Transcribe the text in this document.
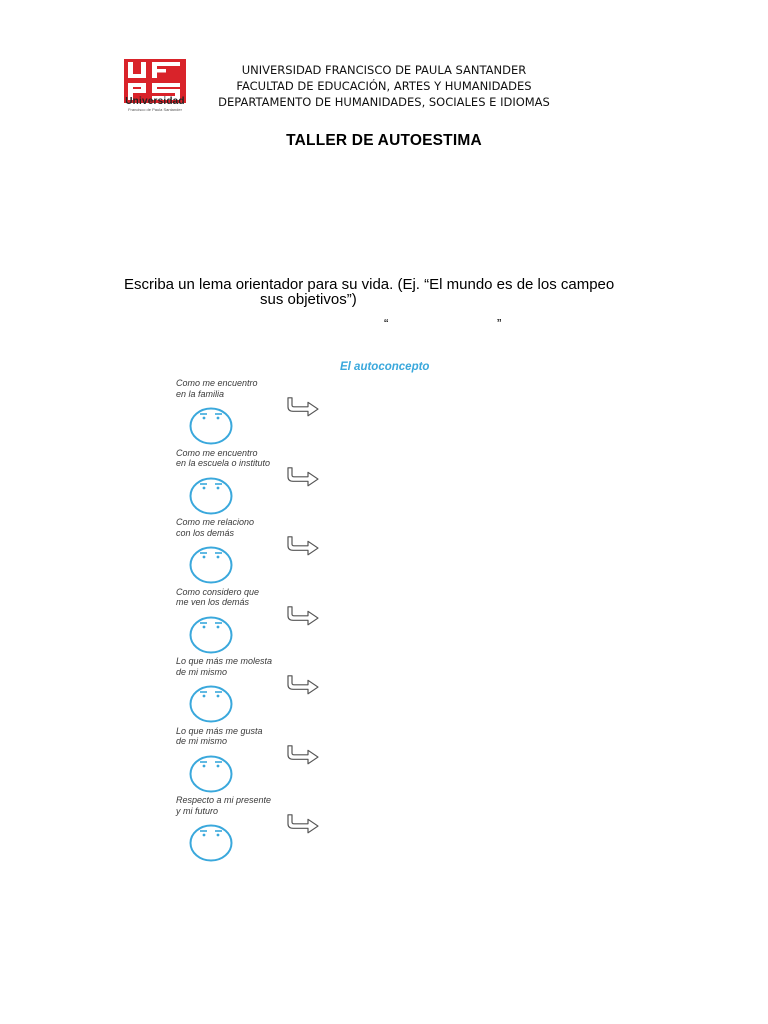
Universidad
Francisco de Paula Santander
UNIVERSIDAD FRANCISCO DE PAULA SANTANDER
FACULTAD DE EDUCACIÓN, ARTES Y HUMANIDADES
DEPARTAMENTO DE HUMANIDADES, SOCIALES E IDIOMAS
TALLER DE AUTOESTIMA
Escriba un lema orientador para su vida. (Ej. “El mundo es de los campeo
sus objetivos”)
“	”
El autoconcepto
Como me encuentro
en la familia
Como me encuentro
en la escuela o instituto
Como me relaciono
con los demás
Como considero que
me ven los demás
Lo que más me molesta
de mi mismo
Lo que más me gusta
de mi mismo
Respecto a mi presente
y mi futuro
